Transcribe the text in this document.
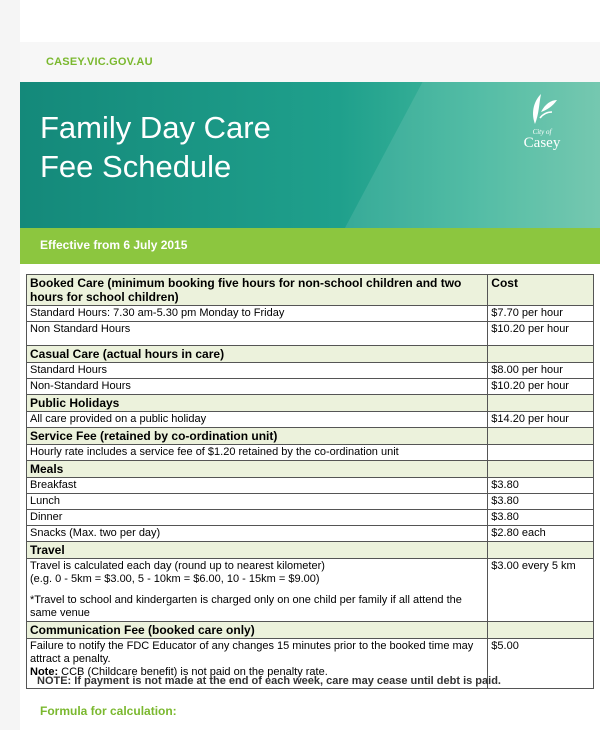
CASEY.VIC.GOV.AU
Family Day Care
Fee Schedule
City of
Casey
Effective from 6 July 2015
Booked Care (minimum booking five hours for non-school children and two hours for school children)	Cost
Standard Hours: 7.30 am-5.30 pm Monday to Friday	$7.70 per hour

Non Standard Hours	$10.20 per hour
Casual Care (actual hours in care)	
Standard Hours	$8.00 per hour
Non-Standard Hours	$10.20 per hour
Public Holidays	
All care provided on a public holiday	$14.20 per hour
Service Fee (retained by co-ordination unit)	
Hourly rate includes a service fee of $1.20 retained by the co-ordination unit	
Meals	
Breakfast	$3.80
Lunch	$3.80
Dinner	$3.80
Snacks (Max. two per day)	$2.80 each
Travel	

Travel is calculated each day (round up to nearest kilometer)
(e.g. 0 - 5km = $3.00, 5 - 10km = $6.00, 10 - 15km = $9.00)
*Travel to school and kindergarten is charged only on one child per family if all attend the same venue	$3.00 every 5 km
Communication Fee (booked care only)	

Failure to notify the FDC Educator of any changes 15 minutes prior to the booked time may attract a penalty.
Note: CCB (Childcare benefit) is not paid on the penalty rate.	$5.00
NOTE: If payment is not made at the end of each week, care may cease until debt is paid.
Formula for calculation:
